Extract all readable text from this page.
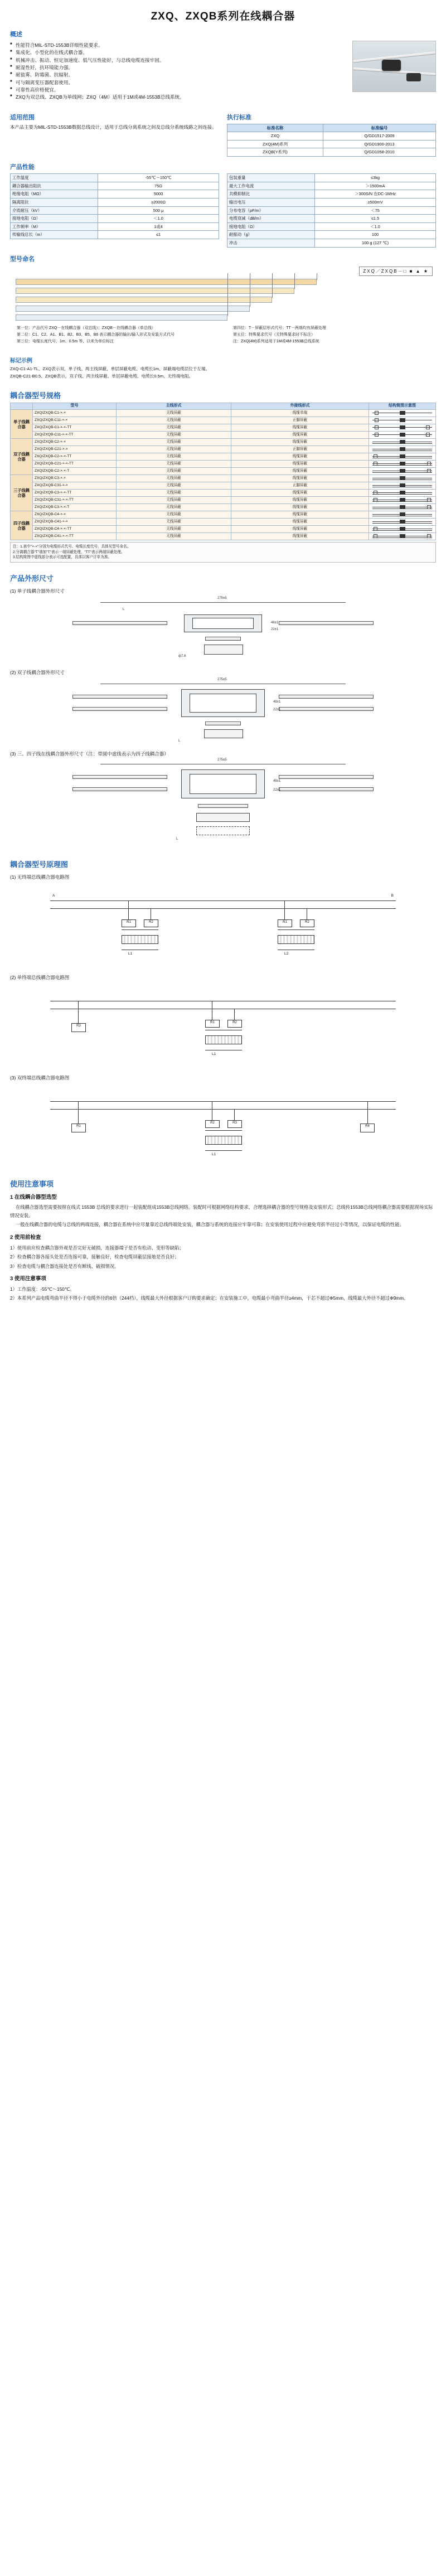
ZXQ、ZXQB系列在线耦合器
概述
■ 性能符合MIL-STD-1553B详细性能要求。
■ 集成化、小型化的在线式耦合器。
■ 机械冲击、振动、恒定加速度、低气压性能好，与总线电缆连接牢固。
■ 耐湿性好，抗环境能力强。
■ 耐盐雾、防霉菌、抗辐射。
■ 可与隔离变压器配套使用。
■ 可靠性高价格便宜。
■ ZXQ为双总线、ZXQB为单线网；ZXQ（4M）适用于1M或4M-1553B总线系统。
适用范围
本产品主要为MIL-STD-1553B数据总线设计，适用于总线分离系统之间及总线分系统线路之间连接。
执行标准
标准名称	标准编号
ZXQ	Q/GD1517-2009
ZXQ(4M)系列	Q/GD1900-2013
ZXQB(Y系列)	Q/GD1058-2010
产品性能
工作温度	-55℃～150℃
耦合器输出阻抗	75Ω
绝缘电阻（MΩ）	5000
隔离阻抗	≥2000Ω
介质耐压（kV）	500 μ
接地电阻（Ω）	＜1.0
工作频率（M）	1或4
传输线总长（m）	≤1
包装重量	≤3kg
最大工作电流	＞1500mA
共模抑制比	＞300S/N 在DC-1MHz
输出电压	≥500mV
分布电容（pF/m）	＜75
电缆衰减（dB/m）	≤1.5
接地电阻（Ω）	＜1.0
耐振动（g）	100
冲击	100 g (127 ℃)
型号命名
ZXQ／ZXQB－□ ■ ▲ ★
第一位：产品代号 ZXQ－在线耦合器（双总线）；ZXQB－在线耦合器（单总线）
第二位：C1、C2、A1、B1、B2、B3、B5、B6 表示耦合器的输出/输入形式及安装方式代号
第三位：电缆长度代号，1m、0.5m 等，以米为单位标注
第四位：T－屏蔽层形式代号；TT－两端均有屏蔽处理
第五位：特殊要求代号（无特殊要求时不标注）
注：ZXQ(4M)系列适用于1M或4M-1553B总线系统
标记示例
ZXQ-C1-A1-TL、ZXQ表示双、单子线、两主线屏蔽、单层屏蔽电缆、电缆长1m、屏蔽端电缆层位于左端。
ZXQB-C21-B0.5、ZXQB表示，双子线、两主线屏蔽、单层屏蔽电缆、电缆长0.5m、无终端电阻。
耦合器型号规格
	型号	主线形式	外接线形式	结构简图示意图
单子线耦合器	ZXQ/ZXQB-C1-×-×	无线屏蔽	线缆单端	

	ZXQ/ZXQB-C11-×-×	无线屏蔽	正脚屏蔽	

	ZXQ/ZXQB-C1-×-×-TT	无线屏蔽	线缆屏蔽	

	ZXQ/ZXQB-C11-×-×-TT	无线屏蔽	线缆屏蔽	

双子线耦合器	ZXQ/ZXQB-C2-×-×	无线屏蔽	线缆屏蔽	

	ZXQ/ZXQB-C21-×-×	无线屏蔽	正脚屏蔽	

	ZXQ/ZXQB-C2-×-×-TT	无线屏蔽	线缆屏蔽	

	ZXQ/ZXQB-C21-×-×-TT	无线屏蔽	线缆屏蔽	

	ZXQ/ZXQB-C2-×-×-T	无线屏蔽	线缆屏蔽	

三子线耦合器	ZXQ/ZXQB-C3-×-×	无线屏蔽	线缆屏蔽	

	ZXQ/ZXQB-C31-×-×	无线屏蔽	正脚屏蔽	

	ZXQ/ZXQB-C3-×-×-TT	无线屏蔽	线缆屏蔽	

	ZXQ/ZXQB-C31-×-×-TT	无线屏蔽	线缆屏蔽	

	ZXQ/ZXQB-C3-×-×-T	无线屏蔽	线缆屏蔽	

四子线耦合器	ZXQ/ZXQB-C4-×-×	无线屏蔽	线缆屏蔽	

	ZXQ/ZXQB-C41-×-×	无线屏蔽	线缆屏蔽	

	ZXQ/ZXQB-C4-×-×-TT	无线屏蔽	线缆屏蔽	

	ZXQ/ZXQB-C41-×-×-TT	无线屏蔽	线缆屏蔽	
注：1.表中"×-×"分别为电缆形式代号、电缆长度代号，具体见型号命名。
2.分离耦合器"T"端加"T"表示一端屏蔽处理，"TT"表示两端屏蔽处理。
3.结构简图中虚线部分表示可选配置，具体以客户订单为准。
产品外形尺寸
(1) 单子线耦合器外形尺寸
275±5
48±1
22±1
ф7.8
L
(2) 双子线耦合器外形尺寸
275±5
48±1
22±1
L
(3) 三、四子线在线耦合器外形尺寸（注：带圆中虚线表示为四子线耦合器）
275±5
48±1
22±1
L
耦合器型号原理图
(1) 无终端总线耦合器电路图
R1	R2
L1
R1	R2
L2
A	B
(2) 单终端总线耦合器电路图
R3
R1	R2
L1
(3) 双终端总线耦合器电路图
R1	R4
R2	R3
L1
使用注意事项
1 在线耦合器型选型

在线耦合器选型需要按照在线式 1553B 总线的要求进行一起装配组成1553B总线网络。装配时可根据网络结构要求，合理选择耦合器的型号规格及安装形式；总线传1553B总线网络耦合器需要根据现场实际情况安装。

一般在线耦合器的电缆与总线的两端连接，耦合器在系统中应尽量靠近总线终端处安装，耦合器与系统的连接应牢靠可靠；在安装使用过程中应避免弯折半径过小等情况，以保证电缆的性能。

2 使用前检查

1）使用前应检查耦合器外观是否完好无破损，连接器端子是否有松动、变形等缺陷；

2）检查耦合器各接头处是否连接可靠，接触良好，检查电缆屏蔽层接地是否良好；

3）检查电缆与耦合器连接处是否有断线、破损情况。

3 使用注意事项

1）工作温度：-55℃～150℃。

2）本系列产品电缆弯曲半径不得小于电缆外径的6倍（244档），线缆最大外径根据客户订购要求确定；在安装施工中，电缆最小弯曲半径≥4mm，干芯不超过Φ5mm，线缆最大外径不超过Φ9mm。
